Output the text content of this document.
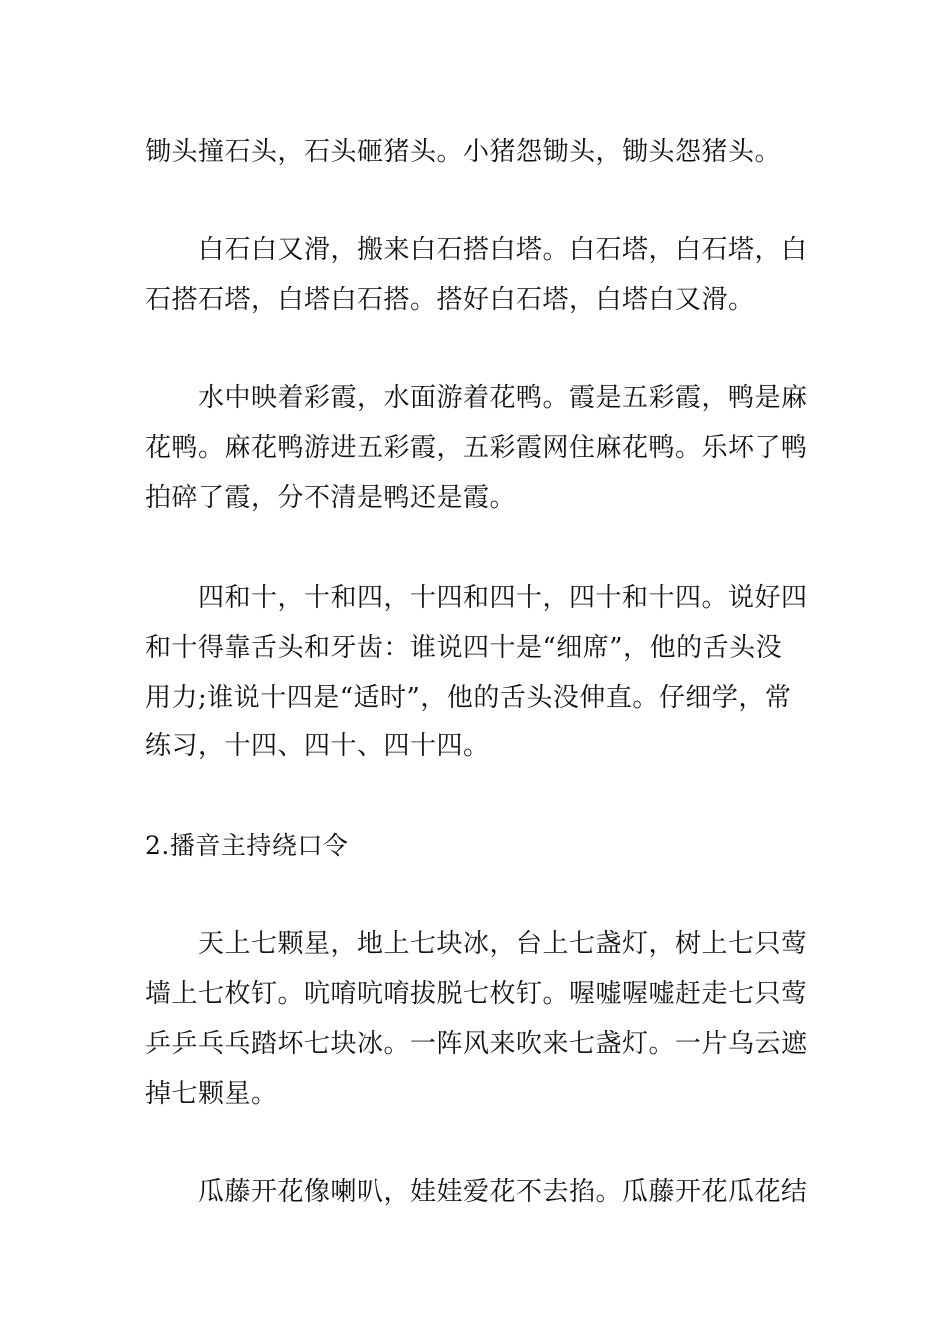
锄头撞石头，石头砸猪头。小猪怨锄头，锄头怨猪头。
白石白又滑，搬来白石搭白塔。白石塔，白石塔，白
石搭石塔，白塔白石搭。搭好白石塔，白塔白又滑。
水中映着彩霞，水面游着花鸭。霞是五彩霞，鸭是麻
花鸭。麻花鸭游进五彩霞，五彩霞网住麻花鸭。乐坏了鸭
拍碎了霞，分不清是鸭还是霞。
四和十，十和四，十四和四十，四十和十四。说好四
和十得靠舌头和牙齿：谁说四十是“细席”，他的舌头没
用力;谁说十四是“适时”，他的舌头没伸直。仔细学，常
练习，十四、四十、四十四。
2.播音主持绕口令
天上七颗星，地上七块冰，台上七盏灯，树上七只莺
墙上七枚钉。吭唷吭唷拔脱七枚钉。喔嘘喔嘘赶走七只莺
乒乒乓乓踏坏七块冰。一阵风来吹来七盏灯。一片乌云遮
掉七颗星。
瓜藤开花像喇叭，娃娃爱花不去掐。瓜藤开花瓜花结
